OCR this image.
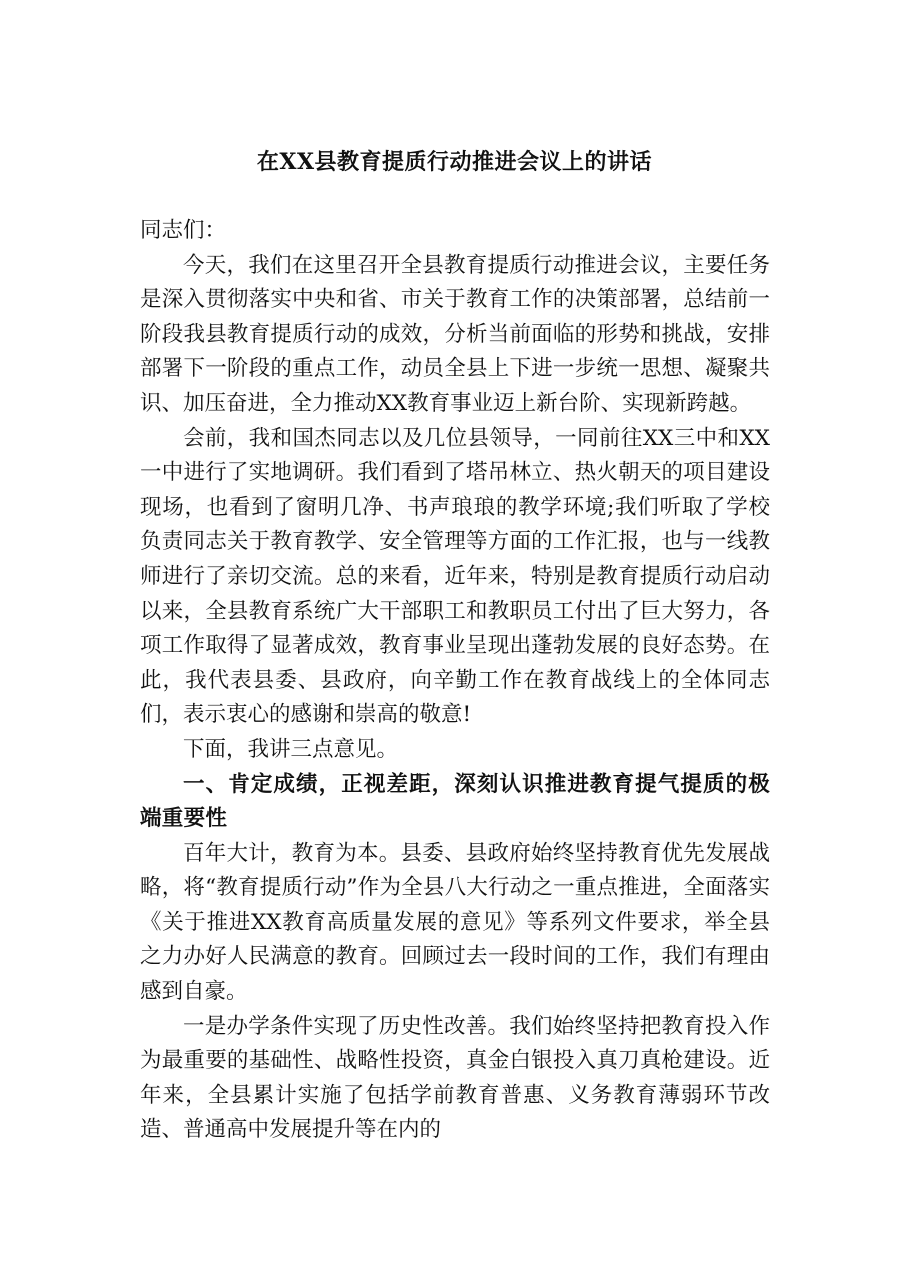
在XX县教育提质行动推进会议上的讲话

同志们：

今天，我们在这里召开全县教育提质行动推进会议，主要任务是深入贯彻落实中央和省、市关于教育工作的决策部署，总结前一阶段我县教育提质行动的成效，分析当前面临的形势和挑战，安排部署下一阶段的重点工作，动员全县上下进一步统一思想、凝聚共识、加压奋进，全力推动XX教育事业迈上新台阶、实现新跨越。

会前，我和国杰同志以及几位县领导，一同前往XX三中和XX一中进行了实地调研。我们看到了塔吊林立、热火朝天的项目建设现场，也看到了窗明几净、书声琅琅的教学环境;我们听取了学校负责同志关于教育教学、安全管理等方面的工作汇报，也与一线教师进行了亲切交流。总的来看，近年来，特别是教育提质行动启动以来，全县教育系统广大干部职工和教职员工付出了巨大努力，各项工作取得了显著成效，教育事业呈现出蓬勃发展的良好态势。在此，我代表县委、县政府，向辛勤工作在教育战线上的全体同志们，表示衷心的感谢和崇高的敬意!

下面，我讲三点意见。

一、肯定成绩，正视差距，深刻认识推进教育提气提质的极端重要性

百年大计，教育为本。县委、县政府始终坚持教育优先发展战略，将“教育提质行动”作为全县八大行动之一重点推进，全面落实《关于推进XX教育高质量发展的意见》等系列文件要求，举全县之力办好人民满意的教育。回顾过去一段时间的工作，我们有理由感到自豪。

一是办学条件实现了历史性改善。我们始终坚持把教育投入作为最重要的基础性、战略性投资，真金白银投入真刀真枪建设。近年来，全县累计实施了包括学前教育普惠、义务教育薄弱环节改造、普通高中发展提升等在内的
